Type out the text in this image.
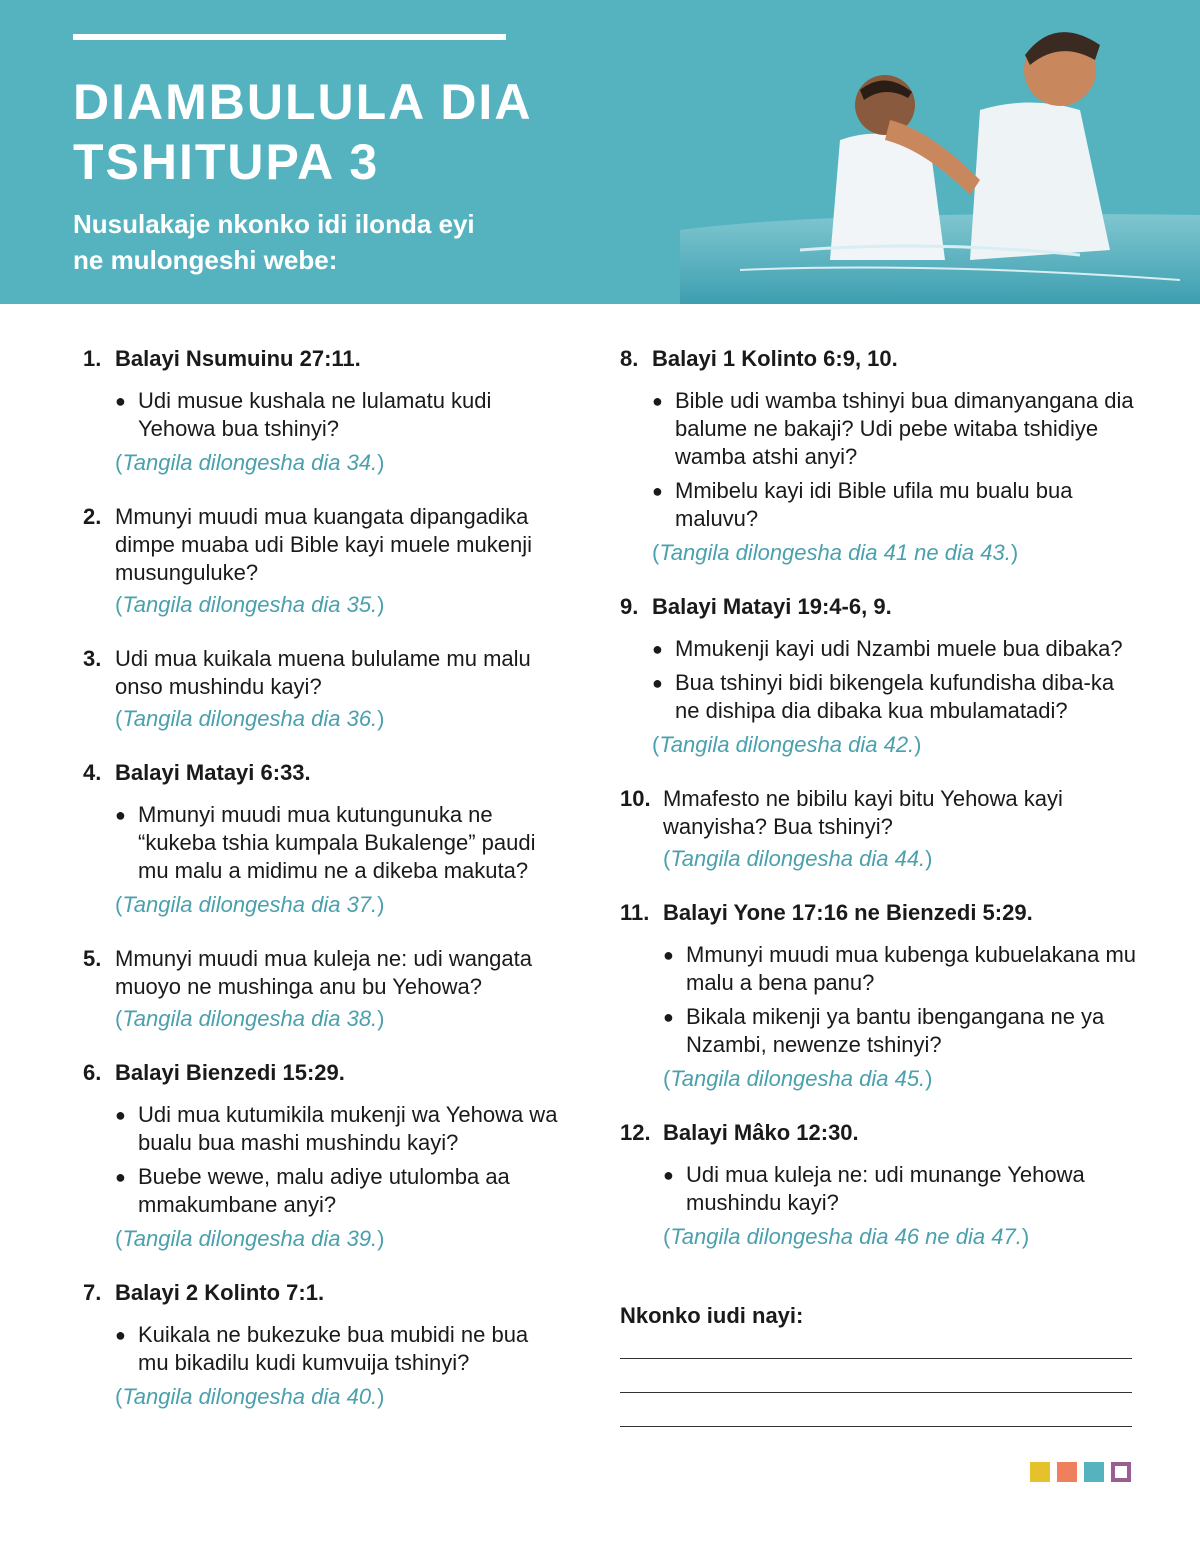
DIAMBULULA DIA
TSHITUPA 3
Nusulakaje nkonko idi ilonda eyi
ne mulongeshi webe:
1. Balayi Nsumuinu 27:11.
● Udi musue kushala ne lulamatu kudi Yehowa bua tshinyi?
(Tangila dilongesha dia 34.)
2. Mmunyi muudi mua kuangata dipangadika dimpe muaba udi Bible kayi muele mukenji musunguluke?
(Tangila dilongesha dia 35.)
3. Udi mua kuikala muena bululame mu malu onso mushindu kayi?
(Tangila dilongesha dia 36.)
4. Balayi Matayi 6:33.
● Mmunyi muudi mua kutungunuka ne “kukeba tshia kumpala Bukalenge” paudi mu malu a midimu ne a dikeba makuta?
(Tangila dilongesha dia 37.)
5. Mmunyi muudi mua kuleja ne: udi wangata muoyo ne mushinga anu bu Yehowa?
(Tangila dilongesha dia 38.)
6. Balayi Bienzedi 15:29.
● Udi mua kutumikila mukenji wa Yehowa wa bualu bua mashi mushindu kayi?
● Buebe wewe, malu adiye utulomba aa mmakumbane anyi?
(Tangila dilongesha dia 39.)
7. Balayi 2 Kolinto 7:1.
● Kuikala ne bukezuke bua mubidi ne bua mu bikadilu kudi kumvuija tshinyi?
(Tangila dilongesha dia 40.)
8. Balayi 1 Kolinto 6:9, 10.
● Bible udi wamba tshinyi bua dimanyangana dia balume ne bakaji? Udi pebe witaba tshidiye wamba atshi anyi?
● Mmibelu kayi idi Bible ufila mu bualu bua maluvu?
(Tangila dilongesha dia 41 ne dia 43.)
9. Balayi Matayi 19:4-6, 9.
● Mmukenji kayi udi Nzambi muele bua dibaka?
● Bua tshinyi bidi bikengela kufundisha diba-ka ne dishipa dia dibaka kua mbulamatadi?
(Tangila dilongesha dia 42.)
10. Mmafesto ne bibilu kayi bitu Yehowa kayi wanyisha? Bua tshinyi?
(Tangila dilongesha dia 44.)
11. Balayi Yone 17:16 ne Bienzedi 5:29.
● Mmunyi muudi mua kubenga kubuelakana mu malu a bena panu?
● Bikala mikenji ya bantu ibengangana ne ya Nzambi, newenze tshinyi?
(Tangila dilongesha dia 45.)
12. Balayi Mâko 12:30.
● Udi mua kuleja ne: udi munange Yehowa mushindu kayi?
(Tangila dilongesha dia 46 ne dia 47.)
Nkonko iudi nayi:
